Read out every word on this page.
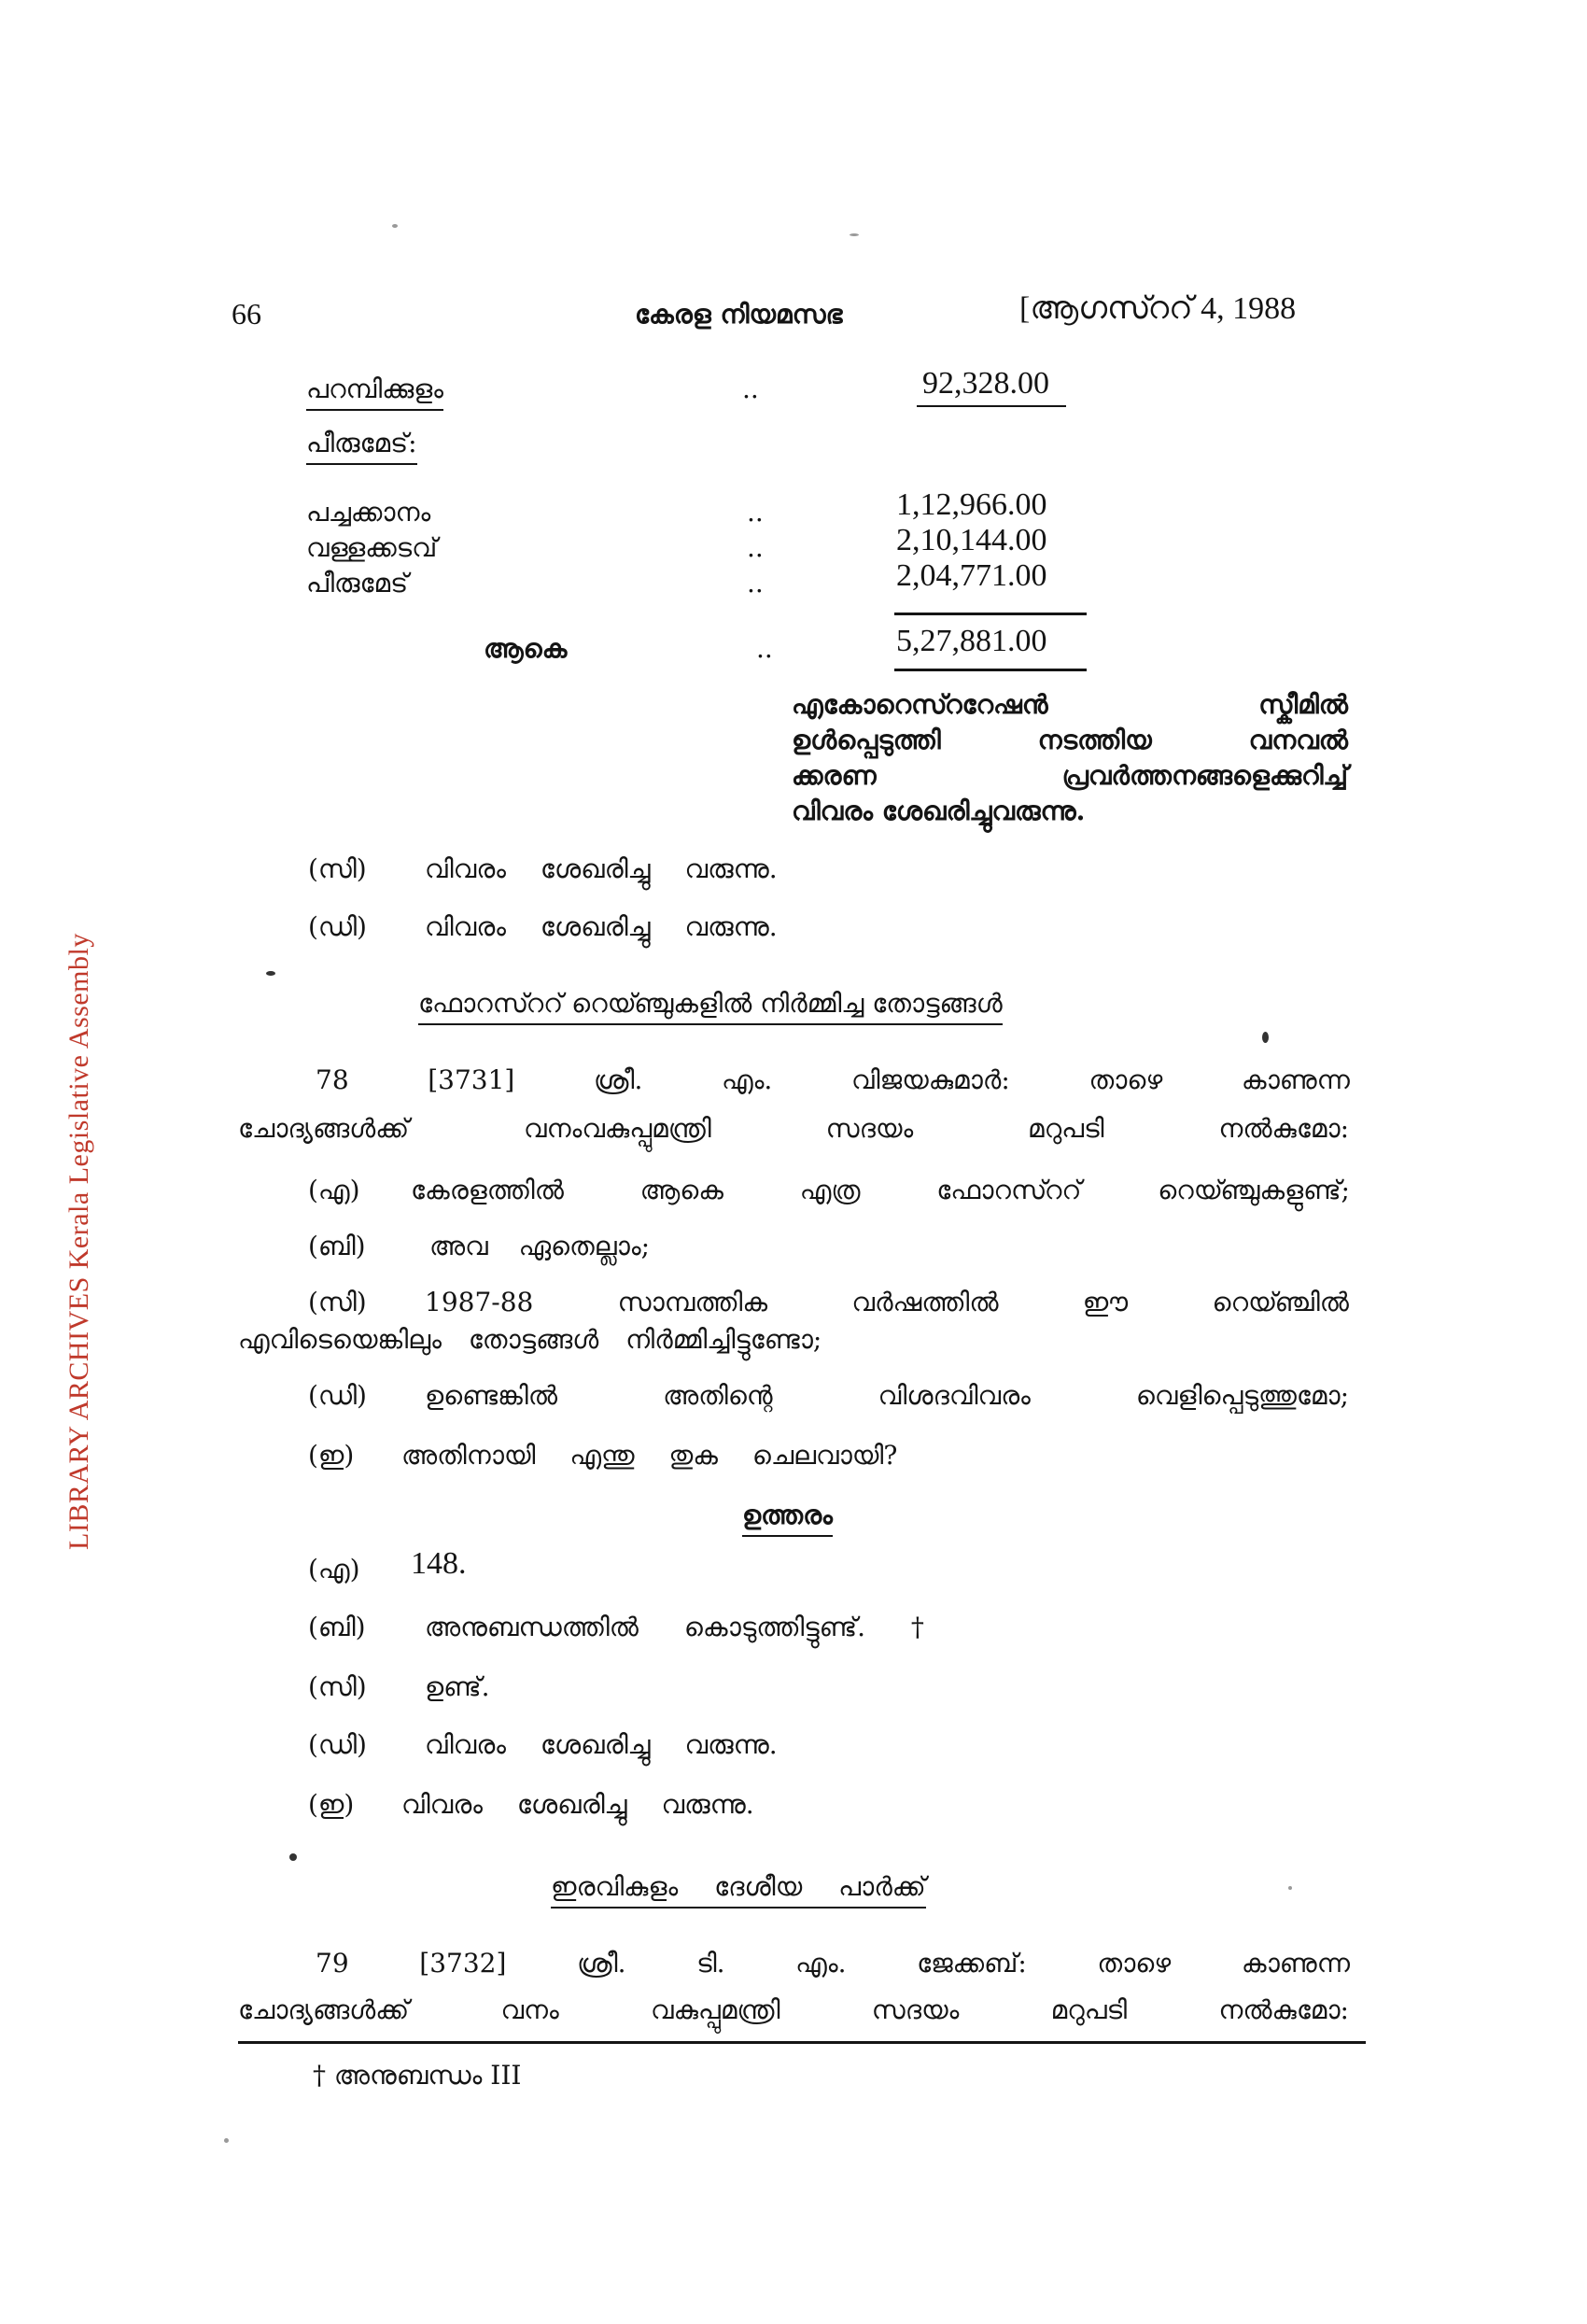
LIBRARY ARCHIVES Kerala Legislative Assembly
66	കേരള നിയമസഭ	[ആഗസ്ററ് 4, 1988
പറമ്പിക്കുളം	..	92,328.00
പീരുമേട്:
പച്ചക്കാനം	..	1,12,966.00
വള്ളക്കടവ്	..	2,10,144.00
പീരുമേട്	..	2,04,771.00
ആകെ	..	5,27,881.00
എകോറെസ്ററേഷൻ സ്കീമിൽ
ഉൾപ്പെടുത്തി നടത്തിയ വനവൽ
ക്കരണ പ്രവർത്തനങ്ങളെക്കുറിച്ച്
വിവരം ശേഖരിച്ചുവരുന്നു.
(സി) വിവരം ശേഖരിച്ചു വരുന്നു.
(ഡി) വിവരം ശേഖരിച്ചു വരുന്നു.
ഫോറസ്ററ് റെയ്ഞ്ചുകളിൽ നിർമ്മിച്ച തോട്ടങ്ങൾ
78 [3731] ശ്രീ. എം. വിജയകുമാർ: താഴെ കാണുന്ന
ചോദ്യങ്ങൾക്ക് വനംവകുപ്പുമന്ത്രി സദയം മറുപടി നൽകുമോ:
(എ) കേരളത്തിൽ ആകെ എത്ര ഫോറസ്ററ് റെയ്ഞ്ചുകളുണ്ട്;
(ബി) അവ ഏതെല്ലാം;
(സി) 1987-88 സാമ്പത്തിക വർഷത്തിൽ ഈ റെയ്ഞ്ചിൽ
എവിടെയെങ്കിലും തോട്ടങ്ങൾ നിർമ്മിച്ചിട്ടുണ്ടോ;
(ഡി) ഉണ്ടെങ്കിൽ അതിന്റെ വിശദവിവരം വെളിപ്പെടുത്തുമോ;
(ഇ) അതിനായി എന്തു തുക ചെലവായി?
ഉത്തരം
(എ) 148.
(ബി) അനുബന്ധത്തിൽ കൊടുത്തിട്ടുണ്ട്. †
(സി) ഉണ്ട്.
(ഡി) വിവരം ശേഖരിച്ചു വരുന്നു.
(ഇ) വിവരം ശേഖരിച്ചു വരുന്നു.
ഇരവികുളം ദേശീയ പാർക്ക്
79 [3732] ശ്രീ. ടി. എം. ജേക്കബ്: താഴെ കാണുന്ന
ചോദ്യങ്ങൾക്ക് വനം വകുപ്പുമന്ത്രി സദയം മറുപടി നൽകുമോ:
† അനുബന്ധം III
